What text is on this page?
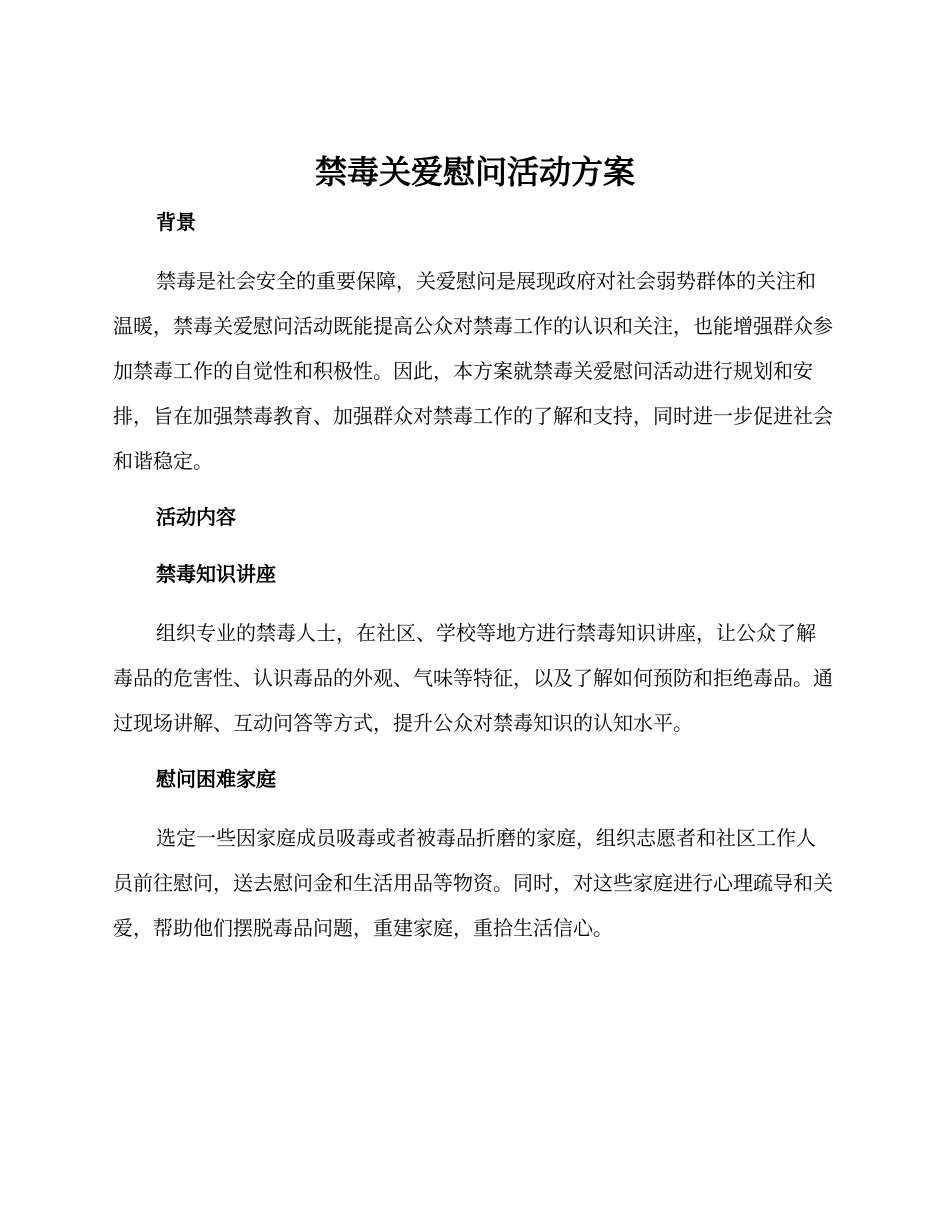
禁毒关爱慰问活动方案
背景

禁毒是社会安全的重要保障，关爱慰问是展现政府对社会弱势群体的关注和温暖，禁毒关爱慰问活动既能提高公众对禁毒工作的认识和关注，也能增强群众参加禁毒工作的自觉性和积极性。因此，本方案就禁毒关爱慰问活动进行规划和安排，旨在加强禁毒教育、加强群众对禁毒工作的了解和支持，同时进一步促进社会和谐稳定。

活动内容
禁毒知识讲座

组织专业的禁毒人士，在社区、学校等地方进行禁毒知识讲座，让公众了解毒品的危害性、认识毒品的外观、气味等特征，以及了解如何预防和拒绝毒品。通过现场讲解、互动问答等方式，提升公众对禁毒知识的认知水平。

慰问困难家庭

选定一些因家庭成员吸毒或者被毒品折磨的家庭，组织志愿者和社区工作人员前往慰问，送去慰问金和生活用品等物资。同时，对这些家庭进行心理疏导和关爱，帮助他们摆脱毒品问题，重建家庭，重拾生活信心。
